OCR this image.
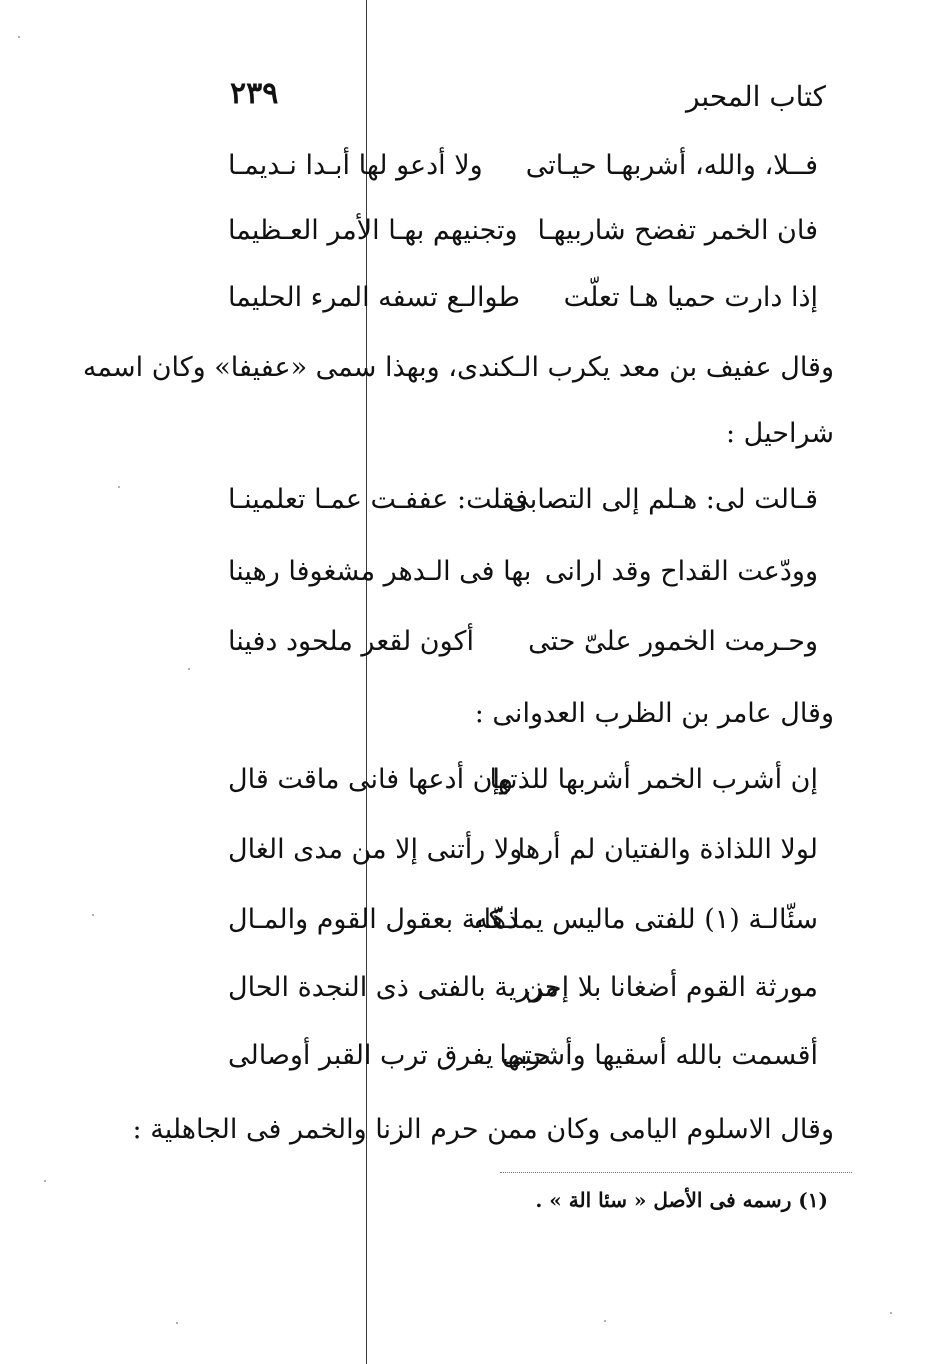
٢٣٩	كتاب المحبر
فــلا، والله، أشربهـا حيـاتى
ولا أدعو لها أبـدا نـديمـا
فان الخمر تفضح شاربيهـا
وتجنيهم بهـا الأمر العـظيما
إذا دارت حميا هـا تعلّت
طوالـع تسفه المرء الحليما
وقال عفيف بن معد يكرب الـكندى، وبهذا سمى «عفيفا» وكان اسمه
شراحيل :
قـالت لى: هـلم إلى التصابى
فقلت: عففـت عمـا تعلمينـا
وودّعت القداح وقد ارانى
بها فى الـدهر مشغوفا رهينا
وحـرمت الخمور علىّ حتى
أكون لقعر ملحود دفينا
وقال عامر بن الظرب العدوانى :
إن أشرب الخمر أشربها للذتها
وإن أدعها فانى ماقت قال
لولا اللذاذة والفتيان لم أرها
ولا رأتنى إلا من مدى الغال
سئّالـة (١) للفتى ماليس يملـكه
ذهّابة بعقول القوم والمـال
مورثة القوم أضغانا بلا إحن
مزرية بالفتى ذى النجدة الحال
أقسمت بالله أسقيها وأشربها
حتى يفرق ترب القبر أوصالى
وقال الاسلوم اليامى وكان ممن حرم الزنا والخمر فى الجاهلية :
(١) رسمه فى الأصل « سئا الة » .
